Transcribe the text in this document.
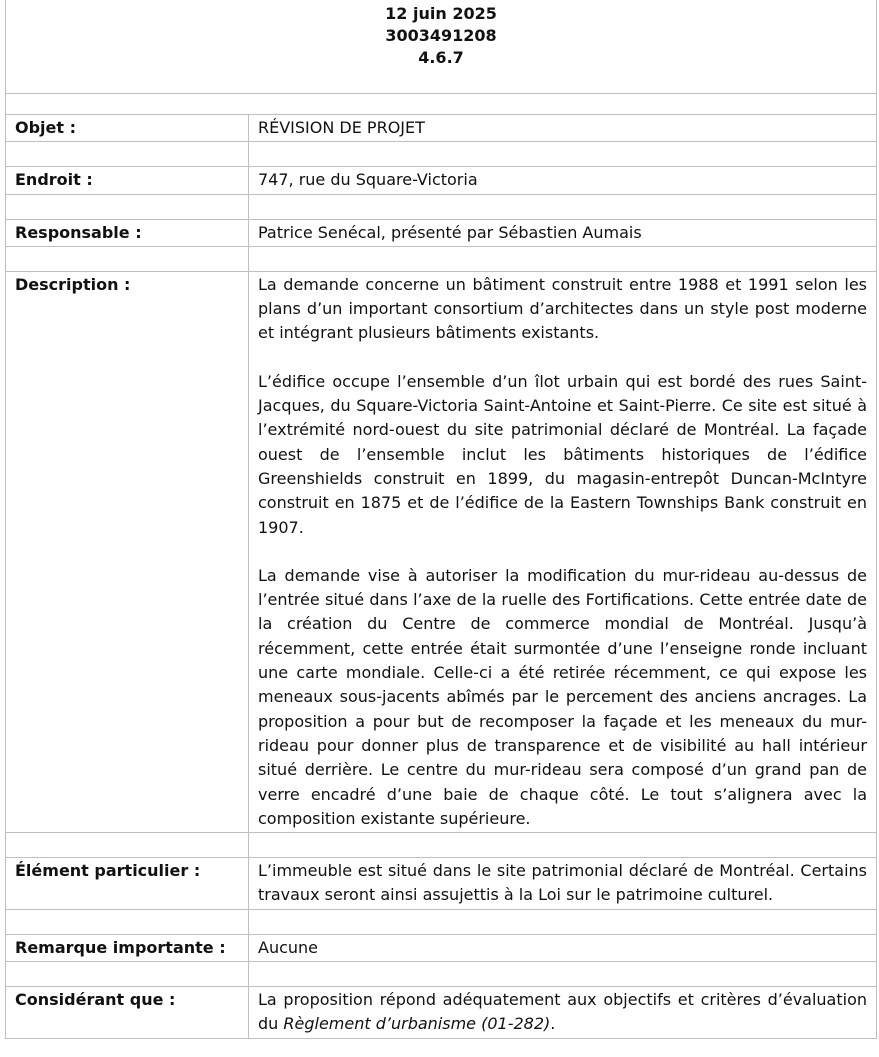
12 juin 2025
3003491208
4.6.7
Objet :	RÉVISION DE PROJET

Endroit :	747, rue du Square-Victoria

Responsable :	Patrice Senécal, présenté par Sébastien Aumais

Description :	La demande concerne un bâtiment construit entre 1988 et 1991 selon les plans d’un important consortium d’architectes dans un style post moderne et intégrant plusieurs bâtiments existants.

L’édifice occupe l’ensemble d’un îlot urbain qui est bordé des rues Saint-Jacques, du Square-Victoria Saint-Antoine et Saint-Pierre. Ce site est situé à l’extrémité nord-ouest du site patrimonial déclaré de Montréal. La façade ouest de l’ensemble inclut les bâtiments historiques de l’édifice Greenshields construit en 1899, du magasin-entrepôt Duncan-McIntyre construit en 1875 et de l’édifice de la Eastern Townships Bank construit en 1907.

La demande vise à autoriser la modification du mur-rideau au-dessus de l’entrée situé dans l’axe de la ruelle des Fortifications. Cette entrée date de la création du Centre de commerce mondial de Montréal. Jusqu’à récemment, cette entrée était surmontée d’une l’enseigne ronde incluant une carte mondiale. Celle-ci a été retirée récemment, ce qui expose les meneaux sous-jacents abîmés par le percement des anciens ancrages. La proposition a pour but de recomposer la façade et les meneaux du mur-rideau pour donner plus de transparence et de visibilité au hall intérieur situé derrière. Le centre du mur-rideau sera composé d’un grand pan de verre encadré d’une baie de chaque côté. Le tout s’alignera avec la composition existante supérieure.

Élément particulier :	L’immeuble est situé dans le site patrimonial déclaré de Montréal. Certains travaux seront ainsi assujettis à la Loi sur le patrimoine culturel.

Remarque importante :	Aucune

Considérant que :	La proposition répond adéquatement aux objectifs et critères d’évaluation du Règlement d’urbanisme (01-282).
